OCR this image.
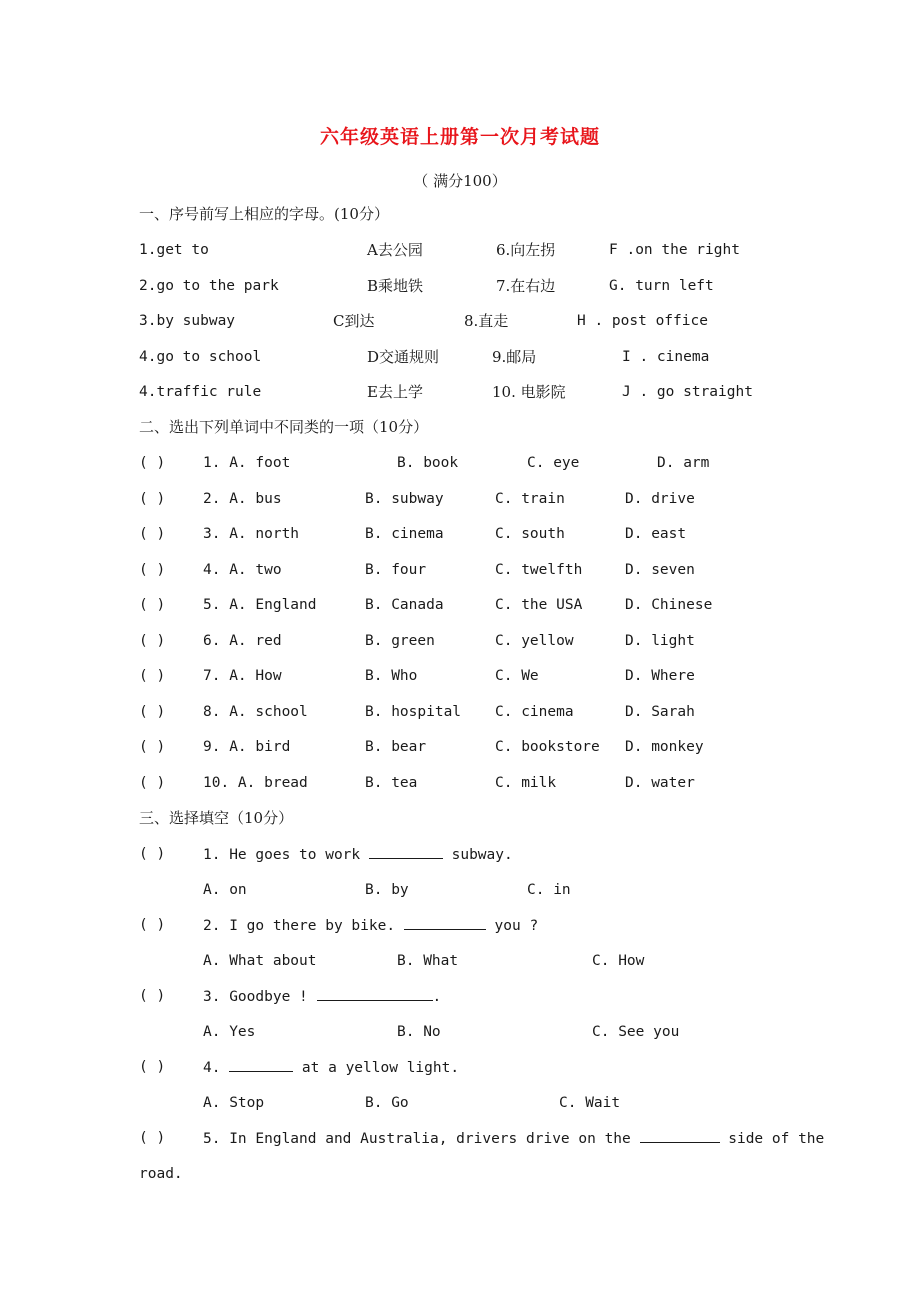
六年级英语上册第一次月考试题
（ 满分100）
一、序号前写上相应的字母。(10分）
1.get to	A去公园	6.向左拐	F .on the right
2.go to the park	B乘地铁	7.在右边	G. turn left
3.by subway	C到达	8.直走	H . post office
4.go to school	D交通规则	9.邮局	I . cinema
4.traffic rule	E去上学	10. 电影院	J . go straight
二、选出下列单词中不同类的一项（10分）
( )	1. A. foot	B. book	C. eye	D. arm
( )	2. A. bus	B. subway	C. train	D. drive
( )	3. A. north	B. cinema	C. south	D. east
( )	4. A. two	B. four	C. twelfth	D. seven
( )	5. A. England	B. Canada	C. the USA	D. Chinese
( )	6. A. red	B. green	C. yellow	D. light
( )	7. A. How	B. Who	C. We	D. Where
( )	8. A. school	B. hospital C. cinema	D. Sarah
( )	9. A. bird	B. bear	C. bookstore D. monkey
( )	10. A. bread	B. tea	C. milk	D. water
三、选择填空（10分）
( )	1. He goes to work	subway.
A. on	B. by	C. in
( )	2. I go there by bike.	you ?
A. What about	B. What	C. How
( )	3. Goodbye !	.
A. Yes	B. No	C. See you
( )	4.	at a yellow light.
A. Stop	B. Go	C. Wait
( )	5. In England and Australia, drivers drive on the	side of the
road.
